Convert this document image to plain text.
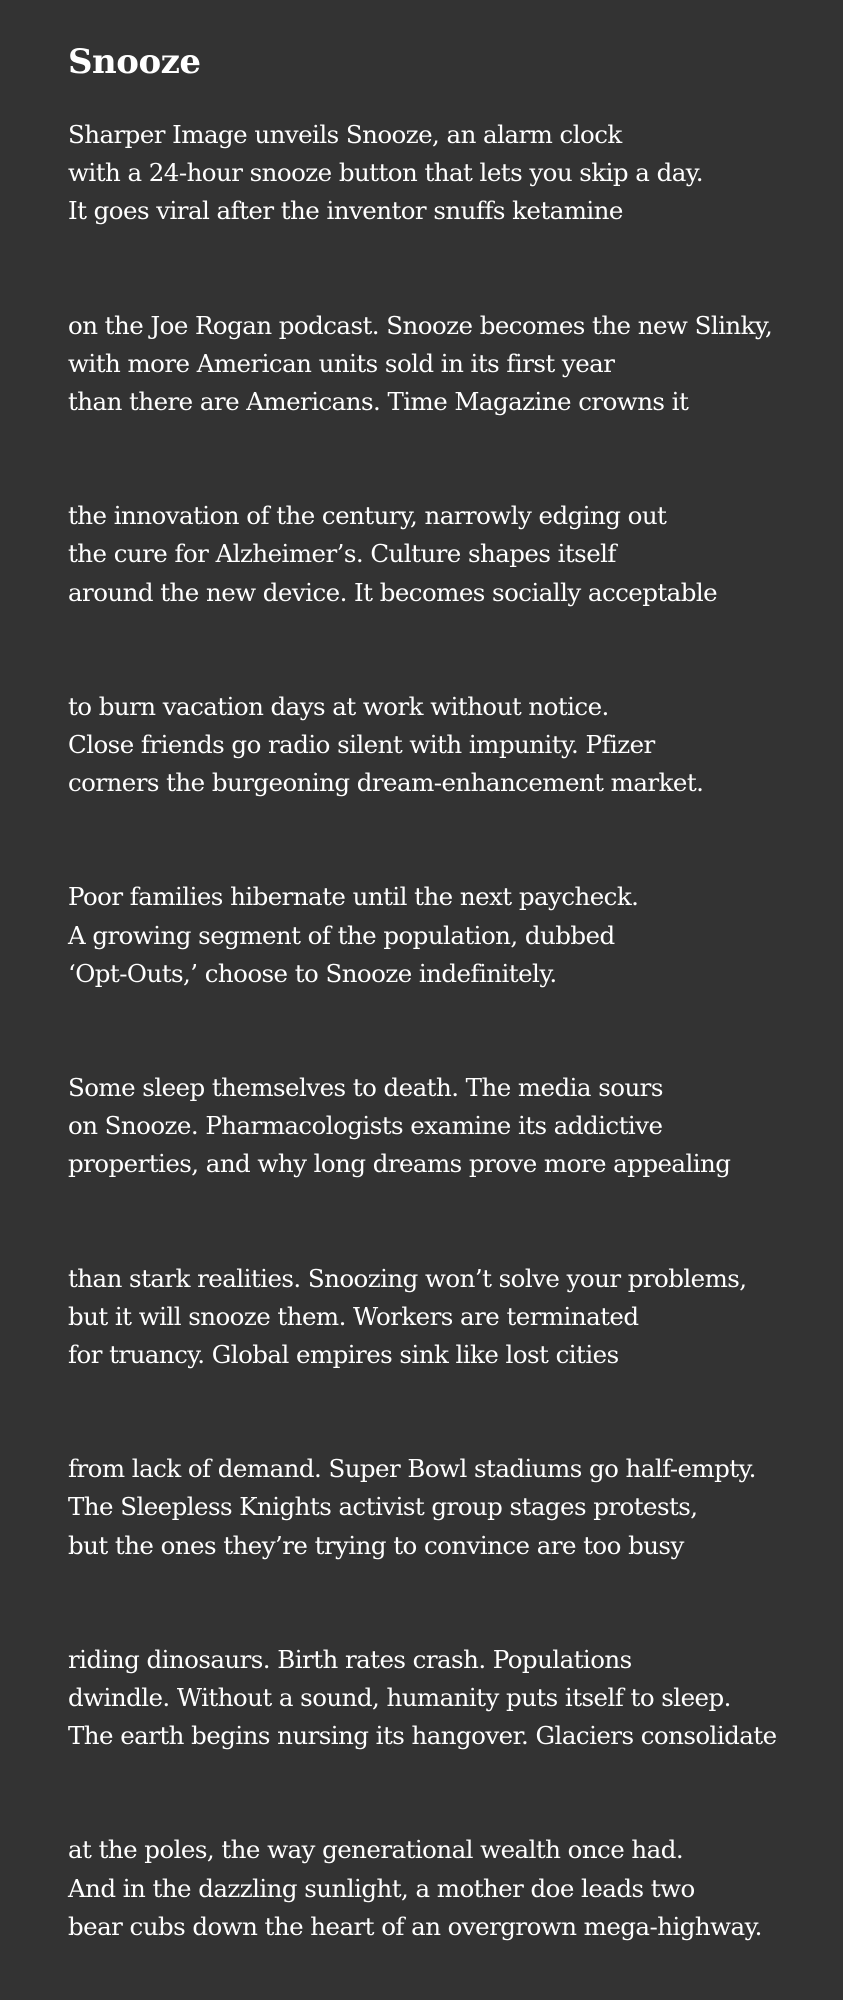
Snooze
Sharper Image unveils Snooze, an alarm clock
with a 24-hour snooze button that lets you skip a day.
It goes viral after the inventor snuffs ketamine
on the Joe Rogan podcast. Snooze becomes the new Slinky,
with more American units sold in its first year
than there are Americans. Time Magazine crowns it
the innovation of the century, narrowly edging out
the cure for Alzheimer’s. Culture shapes itself
around the new device. It becomes socially acceptable
to burn vacation days at work without notice.
Close friends go radio silent with impunity. Pfizer
corners the burgeoning dream-enhancement market.
Poor families hibernate until the next paycheck.
A growing segment of the population, dubbed
‘Opt-Outs,’ choose to Snooze indefinitely.
Some sleep themselves to death. The media sours
on Snooze. Pharmacologists examine its addictive
properties, and why long dreams prove more appealing
than stark realities. Snoozing won’t solve your problems,
but it will snooze them. Workers are terminated
for truancy. Global empires sink like lost cities
from lack of demand. Super Bowl stadiums go half-empty.
The Sleepless Knights activist group stages protests,
but the ones they’re trying to convince are too busy
riding dinosaurs. Birth rates crash. Populations
dwindle. Without a sound, humanity puts itself to sleep.
The earth begins nursing its hangover. Glaciers consolidate
at the poles, the way generational wealth once had.
And in the dazzling sunlight, a mother doe leads two
bear cubs down the heart of an overgrown mega-highway.
